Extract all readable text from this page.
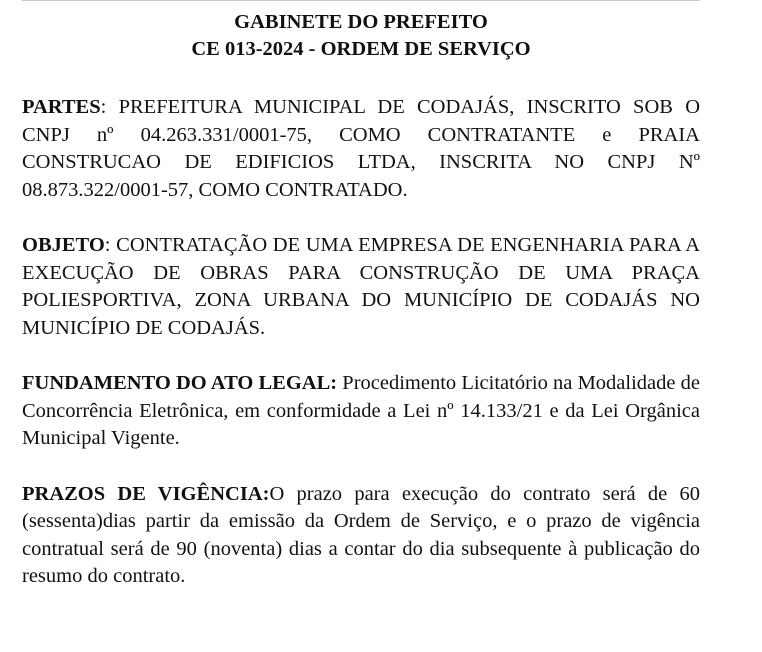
GABINETE DO PREFEITO

CE 013-2024 - ORDEM DE SERVIÇO

PARTES: PREFEITURA MUNICIPAL DE CODAJÁS, INSCRITO SOB O CNPJ nº 04.263.331/0001-75, COMO CONTRATANTE e PRAIA CONSTRUCAO DE EDIFICIOS LTDA, INSCRITA NO CNPJ Nº 08.873.322/0001-57, COMO CONTRATADO.

OBJETO: CONTRATAÇÃO DE UMA EMPRESA DE ENGENHARIA PARA A EXECUÇÃO DE OBRAS PARA CONSTRUÇÃO DE UMA PRAÇA POLIESPORTIVA, ZONA URBANA DO MUNICÍPIO DE CODAJÁS NO MUNICÍPIO DE CODAJÁS.

FUNDAMENTO DO ATO LEGAL: Procedimento Licitatório na Modalidade de Concorrência Eletrônica, em conformidade a Lei nº 14.133/21 e da Lei Orgânica Municipal Vigente.

PRAZOS DE VIGÊNCIA:O prazo para execução do contrato será de 60 (sessenta)dias partir da emissão da Ordem de Serviço, e o prazo de vigência contratual será de 90 (noventa) dias a contar do dia subsequente à publicação do resumo do contrato.
